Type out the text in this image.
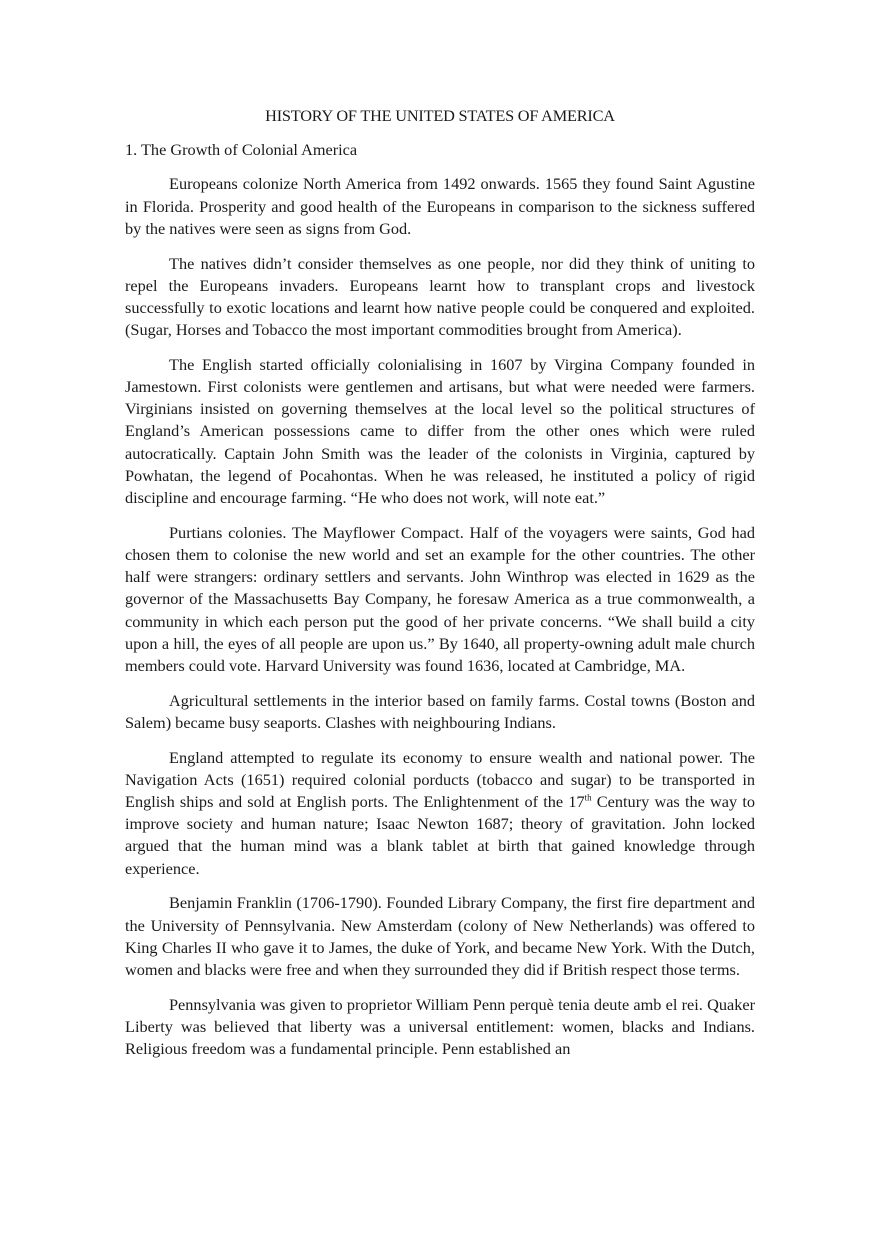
HISTORY OF THE UNITED STATES OF AMERICA
1. The Growth of Colonial America

Europeans colonize North America from 1492 onwards. 1565 they found Saint Agustine in Florida. Prosperity and good health of the Europeans in comparison to the sickness suffered by the natives were seen as signs from God.

The natives didn’t consider themselves as one people, nor did they think of uniting to repel the Europeans invaders. Europeans learnt how to transplant crops and livestock successfully to exotic locations and learnt how native people could be conquered and exploited. (Sugar, Horses and Tobacco the most important commodities brought from America).

The English started officially colonialising in 1607 by Virgina Company founded in Jamestown. First colonists were gentlemen and artisans, but what were needed were farmers. Virginians insisted on governing themselves at the local level so the political structures of England’s American possessions came to differ from the other ones which were ruled autocratically. Captain John Smith was the leader of the colonists in Virginia, captured by Powhatan, the legend of Pocahontas. When he was released, he instituted a policy of rigid discipline and encourage farming. “He who does not work, will note eat.”

Purtians colonies. The Mayflower Compact. Half of the voyagers were saints, God had chosen them to colonise the new world and set an example for the other countries. The other half were strangers: ordinary settlers and servants. John Winthrop was elected in 1629 as the governor of the Massachusetts Bay Company, he foresaw America as a true commonwealth, a community in which each person put the good of her private concerns. “We shall build a city upon a hill, the eyes of all people are upon us.” By 1640, all property-owning adult male church members could vote. Harvard University was found 1636, located at Cambridge, MA.

Agricultural settlements in the interior based on family farms. Costal towns (Boston and Salem) became busy seaports. Clashes with neighbouring Indians.

England attempted to regulate its economy to ensure wealth and national power. The Navigation Acts (1651) required colonial porducts (tobacco and sugar) to be transported in English ships and sold at English ports. The Enlightenment of the 17th Century was the way to improve society and human nature; Isaac Newton 1687; theory of gravitation. John locked argued that the human mind was a blank tablet at birth that gained knowledge through experience.

Benjamin Franklin (1706-1790). Founded Library Company, the first fire department and the University of Pennsylvania. New Amsterdam (colony of New Netherlands) was offered to King Charles II who gave it to James, the duke of York, and became New York. With the Dutch, women and blacks were free and when they surrounded they did if British respect those terms.

Pennsylvania was given to proprietor William Penn perquè tenia deute amb el rei. Quaker Liberty was believed that liberty was a universal entitlement: women, blacks and Indians. Religious freedom was a fundamental principle. Penn established an
